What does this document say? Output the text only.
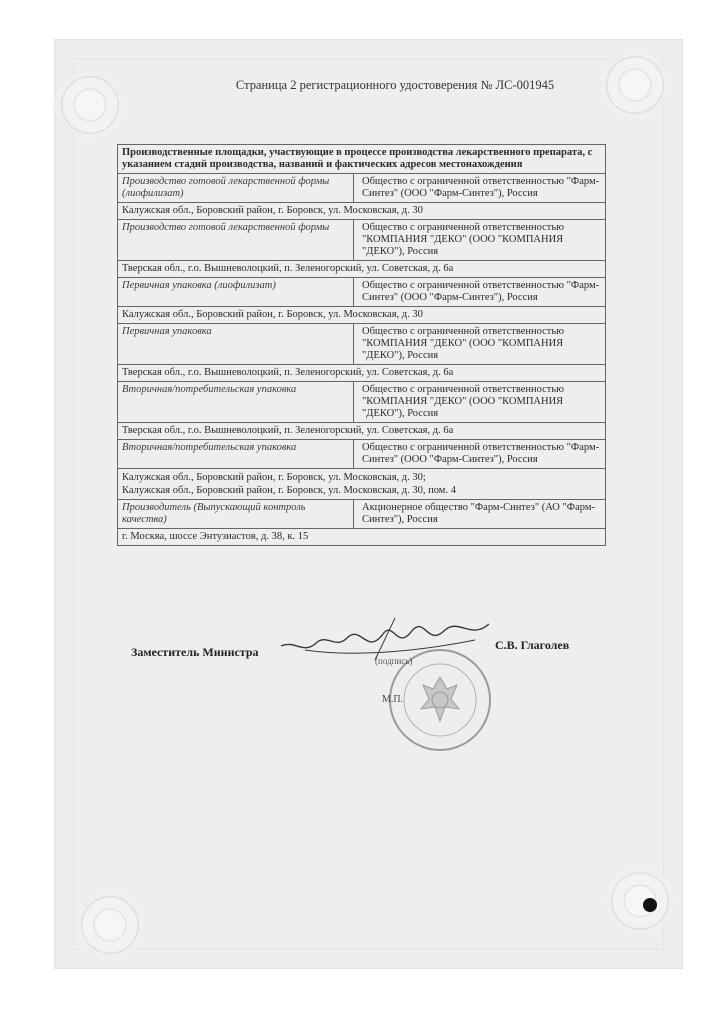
Страница 2 регистрационного удостоверения № ЛС-001945
Производственные площадки, участвующие в процессе производства лекарственного препарата, с указанием стадий производства, названий и фактических адресов местонахождения	
Производство готовой лекарственной формы (лиофилизат)	Общество с ограниченной ответственностью "Фарм-Синтез" (ООО "Фарм-Синтез"), Россия
Калужская обл., Боровский район, г. Боровск, ул. Московская, д. 30	
Производство готовой лекарственной формы	Общество с ограниченной ответственностью "КОМПАНИЯ "ДЕКО" (ООО "КОМПАНИЯ "ДЕКО"), Россия
Тверская обл., г.о. Вышневолоцкий, п. Зеленогорский, ул. Советская, д. 6а	
Первичная упаковка (лиофилизат)	Общество с ограниченной ответственностью "Фарм-Синтез" (ООО "Фарм-Синтез"), Россия
Калужская обл., Боровский район, г. Боровск, ул. Московская, д. 30	
Первичная упаковка	Общество с ограниченной ответственностью "КОМПАНИЯ "ДЕКО" (ООО "КОМПАНИЯ "ДЕКО"), Россия
Тверская обл., г.о. Вышневолоцкий, п. Зеленогорский, ул. Советская, д. 6а	
Вторичная/потребительская упаковка	Общество с ограниченной ответственностью "КОМПАНИЯ "ДЕКО" (ООО "КОМПАНИЯ "ДЕКО"), Россия
Тверская обл., г.о. Вышневолоцкий, п. Зеленогорский, ул. Советская, д. 6а	
Вторичная/потребительская упаковка	Общество с ограниченной ответственностью "Фарм-Синтез" (ООО "Фарм-Синтез"), Россия

Калужская обл., Боровский район, г. Боровск, ул. Московская, д. 30;
Калужская обл., Боровский район, г. Боровск, ул. Московская, д. 30, пом. 4	

Производитель (Выпускающий контроль качества)	Акционерное общество "Фарм-Синтез" (АО "Фарм-Синтез"), Россия
г. Москва, шоссе Энтузиастов, д. 38, к. 15	
Заместитель Министра	С.В. Глаголев
(подпись)
М.П.
